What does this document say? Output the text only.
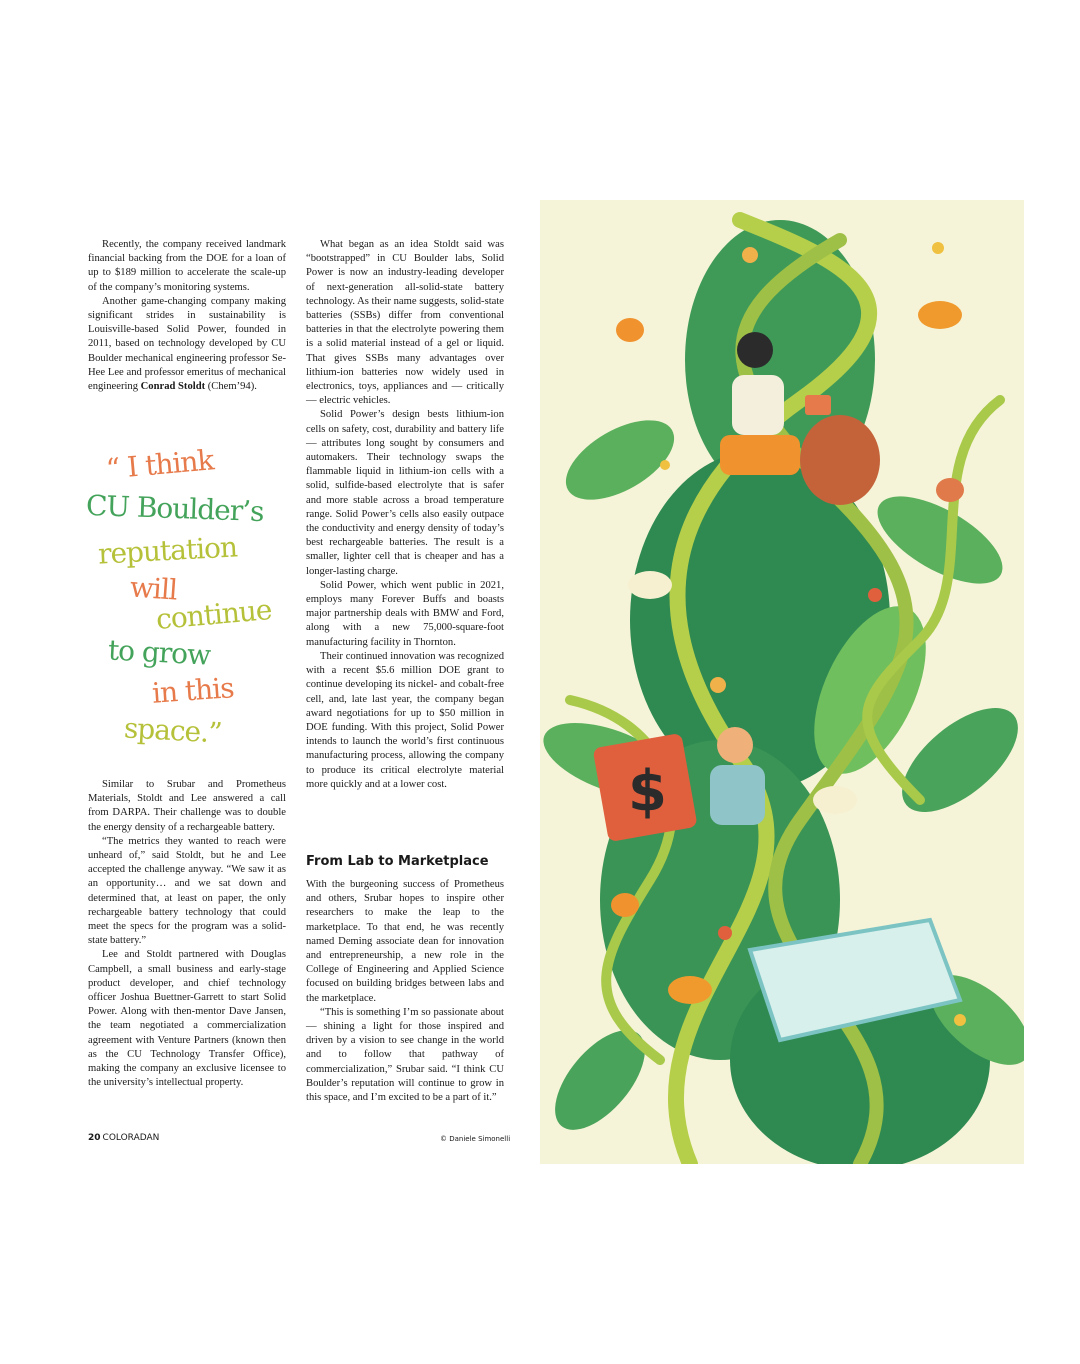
Recently, the company received landmark financial backing from the DOE for a loan of up to $189 million to accelerate the scale-up of the company’s monitoring systems.

Another game-changing company making significant strides in sustainability is Louisville-based Solid Power, founded in 2011, based on technology developed by CU Boulder mechanical engineering professor Se-Hee Lee and professor emeritus of mechanical engineering Conrad Stoldt (Chem’94).

“ I think
CU Boulder’s
reputation
will
continue
to grow
in this
space.”

Similar to Srubar and Prometheus Materials, Stoldt and Lee answered a call from DARPA. Their challenge was to double the energy density of a rechargeable battery.

“The metrics they wanted to reach were unheard of,” said Stoldt, but he and Lee accepted the challenge anyway. “We saw it as an opportunity… and we sat down and determined that, at least on paper, the only rechargeable battery technology that could meet the specs for the program was a solid-state battery.”

Lee and Stoldt partnered with Douglas Campbell, a small business and early-stage product developer, and chief technology officer Joshua Buettner-Garrett to start Solid Power. Along with then-mentor Dave Jansen, the team negotiated a commercialization agreement with Venture Partners (known then as the CU Technology Transfer Office), making the company an exclusive licensee to the university’s intellectual property.

What began as an idea Stoldt said was “bootstrapped” in CU Boulder labs, Solid Power is now an industry-leading developer of next-generation all-solid-state battery technology. As their name suggests, solid-state batteries (SSBs) differ from conventional batteries in that the electrolyte powering them is a solid material instead of a gel or liquid. That gives SSBs many advantages over lithium-ion batteries now widely used in electronics, toys, appliances and — critically — electric vehicles.

Solid Power’s design bests lithium-ion cells on safety, cost, durability and battery life — attributes long sought by consumers and automakers. Their technology swaps the flammable liquid in lithium-ion cells with a solid, sulfide-based electrolyte that is safer and more stable across a broad temperature range. Solid Power’s cells also easily outpace the conductivity and energy density of today’s best rechargeable batteries. The result is a smaller, lighter cell that is cheaper and has a longer-lasting charge.

Solid Power, which went public in 2021, employs many Forever Buffs and boasts major partnership deals with BMW and Ford, along with a new 75,000-square-foot manufacturing facility in Thornton.

Their continued innovation was recognized with a recent $5.6 million DOE grant to continue developing its nickel- and cobalt-free cell, and, late last year, the company began award negotiations for up to $50 million in DOE funding. With this project, Solid Power intends to launch the world’s first continuous manufacturing process, allowing the company to produce its critical electrolyte material more quickly and at a lower cost.

From Lab to Marketplace

With the burgeoning success of Prometheus and others, Srubar hopes to inspire other researchers to make the leap to the marketplace. To that end, he was recently named Deming associate dean for innovation and entrepreneurship, a new role in the College of Engineering and Applied Science focused on building bridges between labs and the marketplace.

“This is something I’m so passionate about — shining a light for those inspired and driven by a vision to see change in the world and to follow that pathway of commercialization,” Srubar said. “I think CU Boulder’s reputation will continue to grow in this space, and I’m excited to be a part of it.”

20 COLORADAN	© Daniele Simonelli
$
